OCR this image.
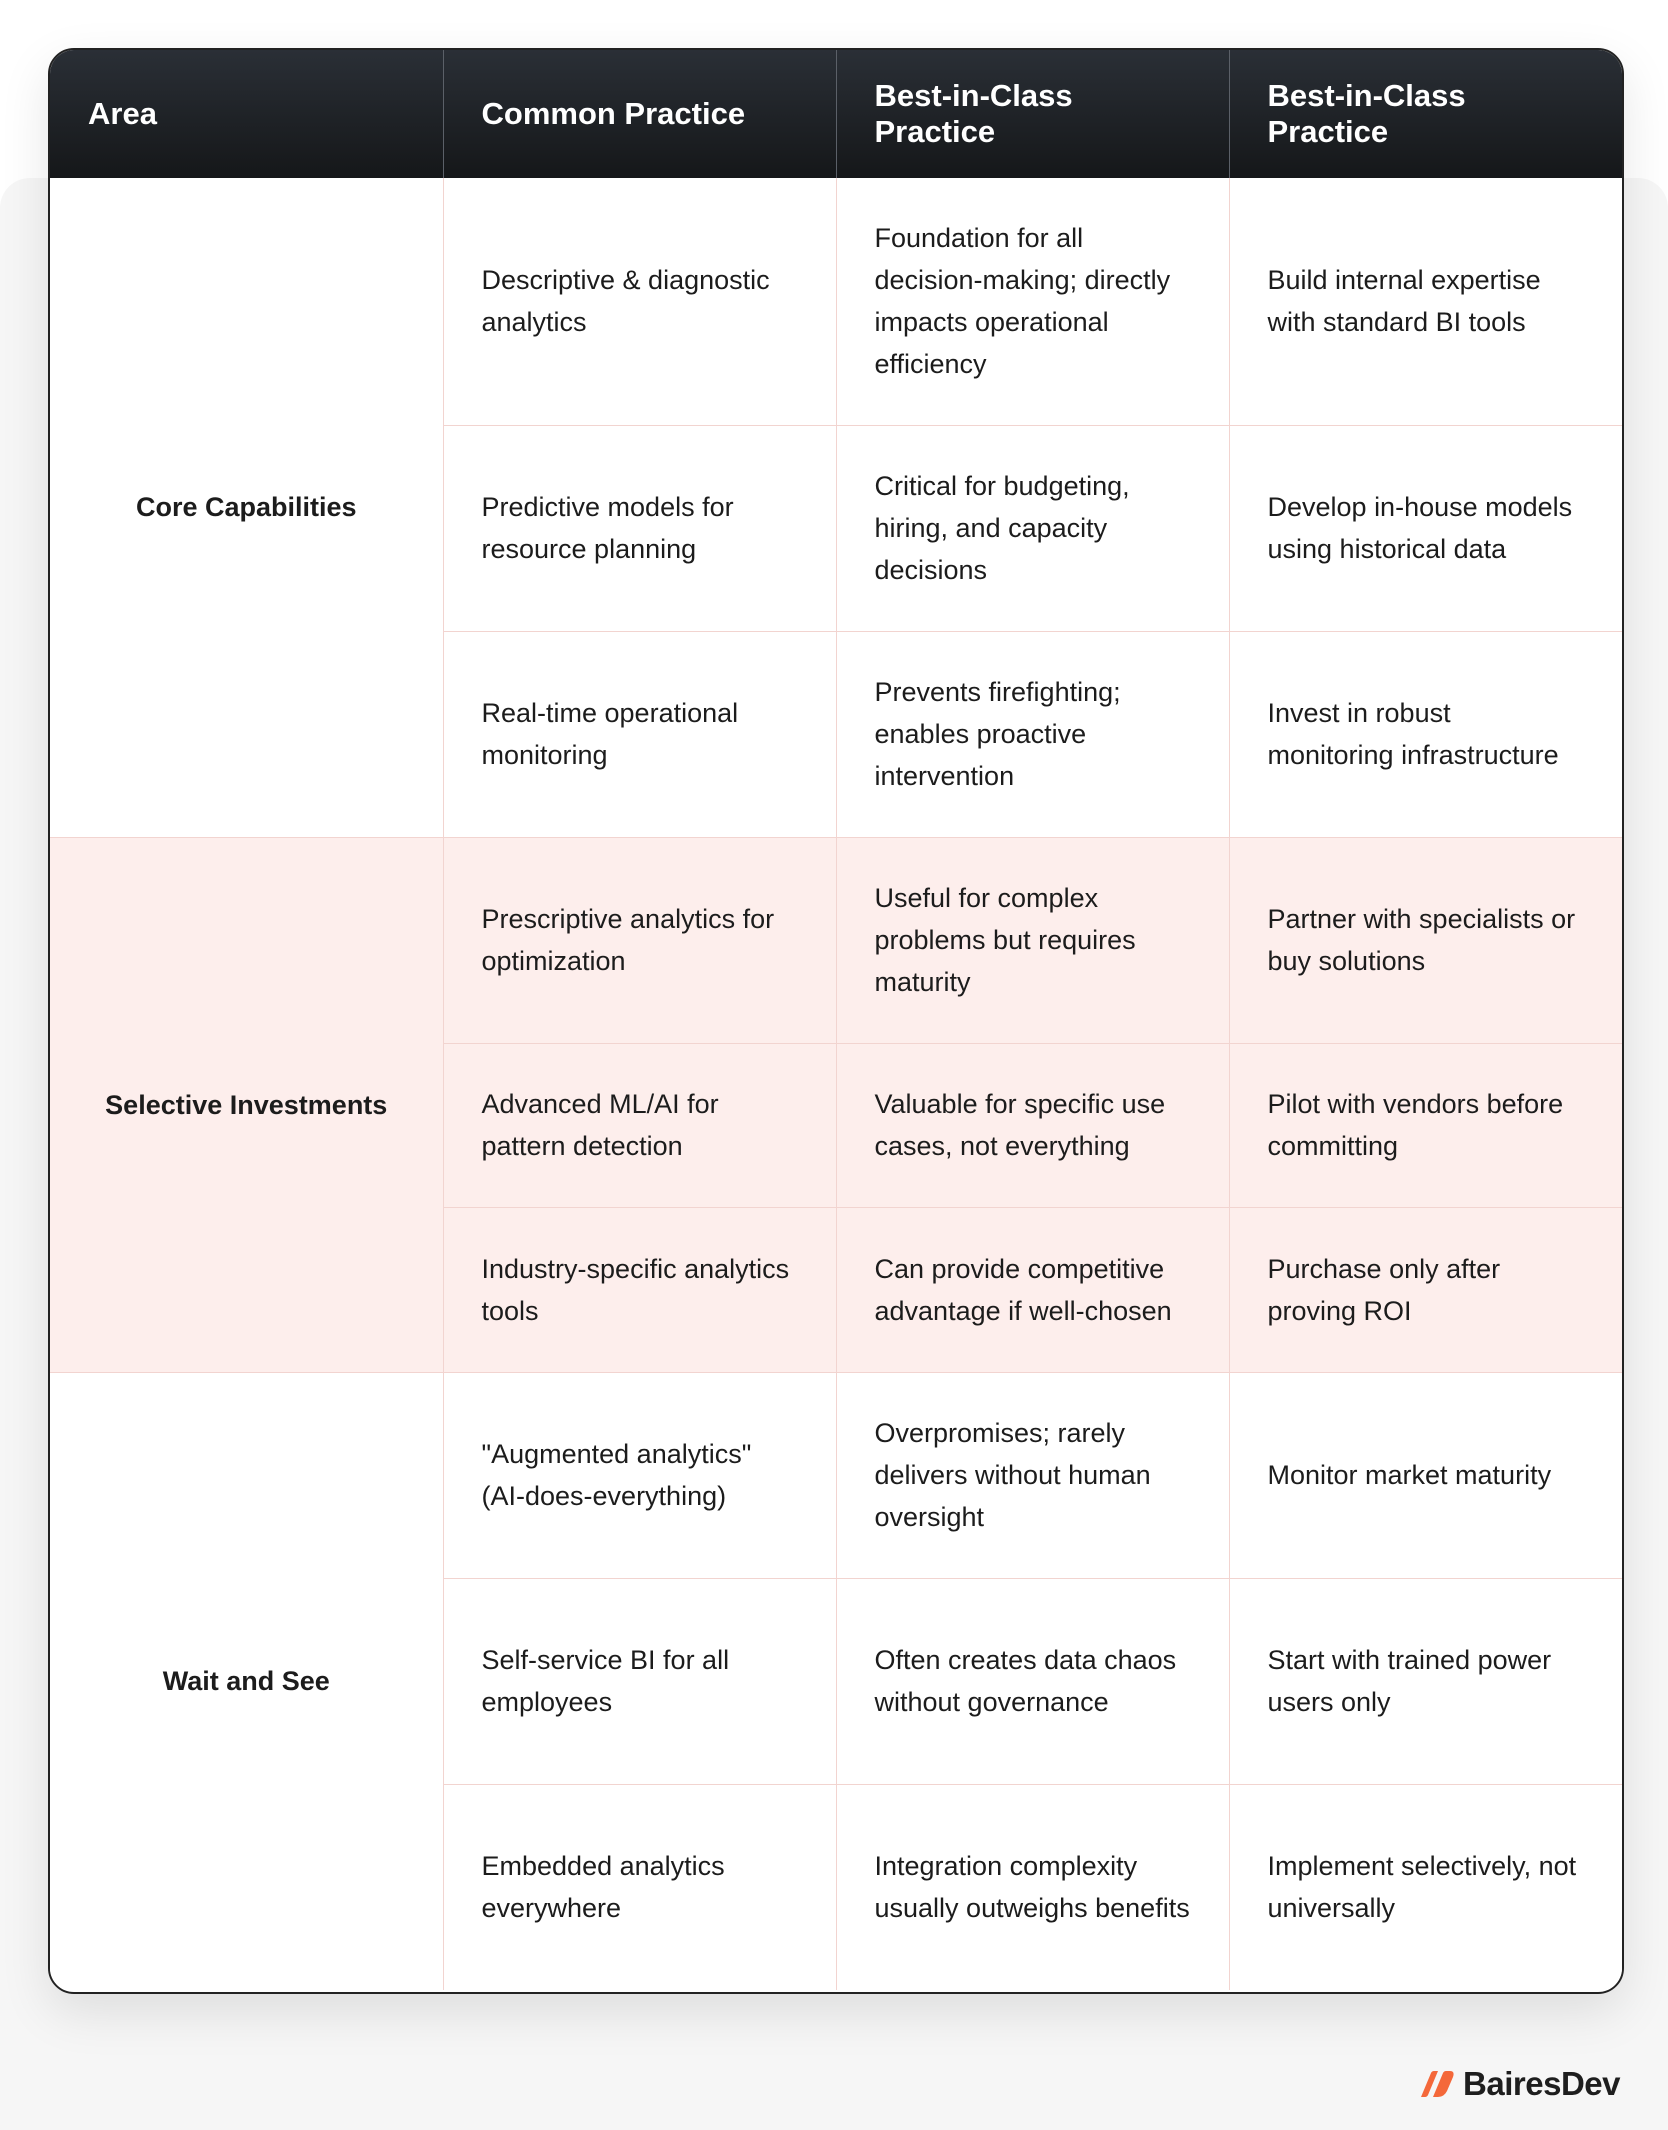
Area	Common Practice	Best-in-Class Practice	Best-in-Class Practice
Core Capabilities	Descriptive & diagnostic analytics	Foundation for all decision-making; directly impacts operational efficiency	Build internal expertise with standard BI tools
	Predictive models for resource planning	Critical for budgeting, hiring, and capacity decisions	Develop in-house models using historical data
	Real-time operational monitoring	Prevents firefighting; enables proactive intervention	Invest in robust monitoring infrastructure
Selective Investments	Prescriptive analytics for optimization	Useful for complex problems but requires maturity	Partner with specialists or buy solutions
	Advanced ML/AI for pattern detection	Valuable for specific use cases, not everything	Pilot with vendors before committing
	Industry-specific analytics tools	Can provide competitive advantage if well-chosen	Purchase only after proving ROI
Wait and See	"Augmented analytics" (AI-does-everything)	Overpromises; rarely delivers without human oversight	Monitor market maturity
	Self-service BI for all employees	Often creates data chaos without governance	Start with trained power users only
	Embedded analytics everywhere	Integration complexity usually outweighs benefits	Implement selectively, not universally
BairesDev
